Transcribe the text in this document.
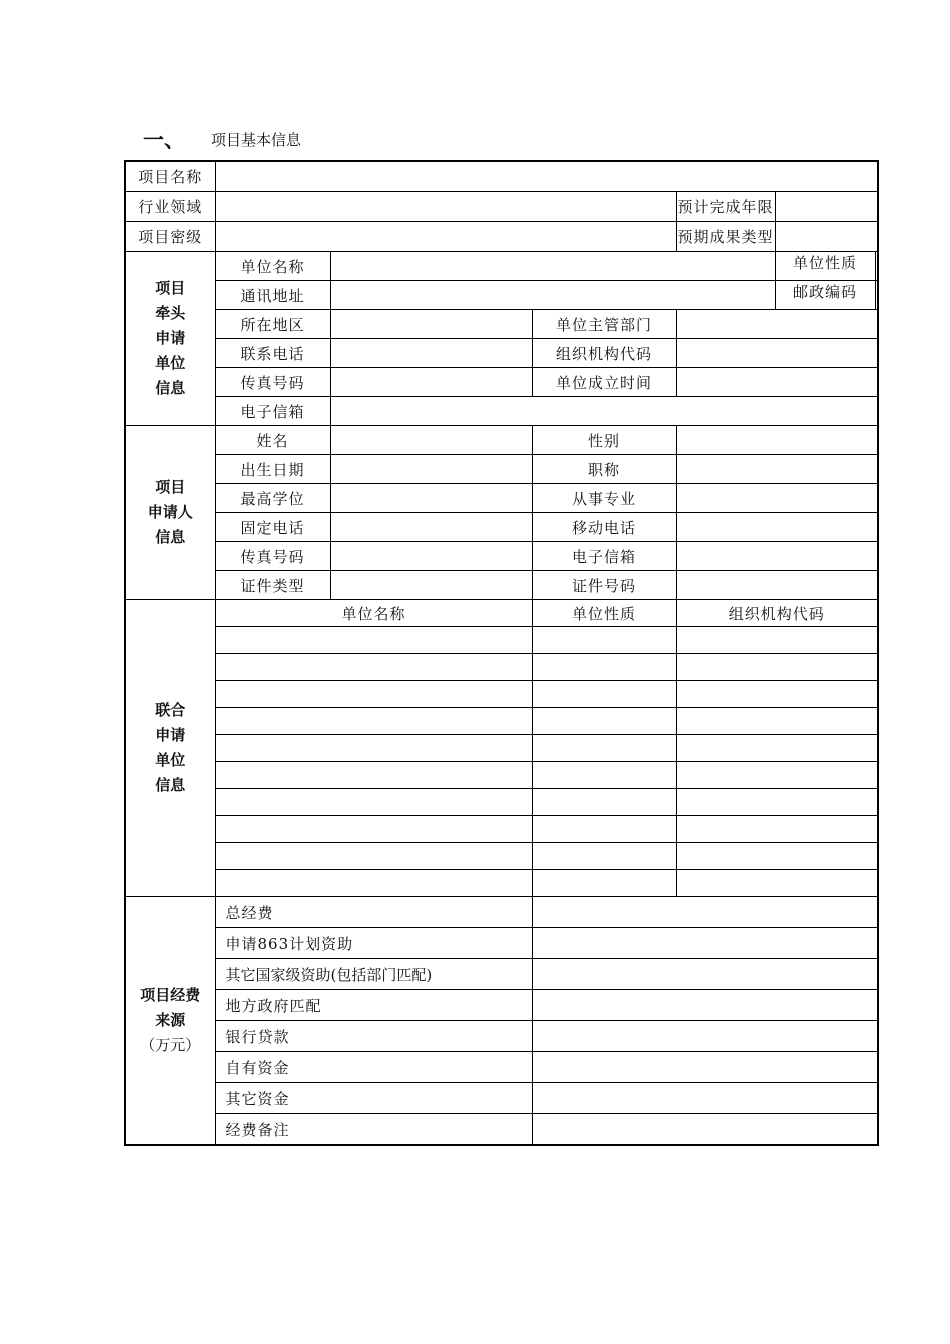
一、	项目基本信息
项目名称					
行业领域				预计完成年限	
项目密级				预期成果类型	

项目
牵头
申请
单位
信息	单位名称				单位性质

	通讯地址				邮政编码

	所在地区		单位主管部门		
	联系电话		组织机构代码		
	传真号码		单位成立时间		
	电子信箱				

项目
申请人
信息	姓名		性别		
	出生日期		职称		
	最高学位		从事专业		
	固定电话		移动电话		
	传真号码		电子信箱		
	证件类型		证件号码		

联合
申请
单位
信息	单位名称		单位性质	组织机构代码	

项目经费
来源
（万元）	总经费				
	申请863计划资助				
	其它国家级资助(包括部门匹配)				
	地方政府匹配				
	银行贷款				
	自有资金				
	其它资金				
	经费备注				
